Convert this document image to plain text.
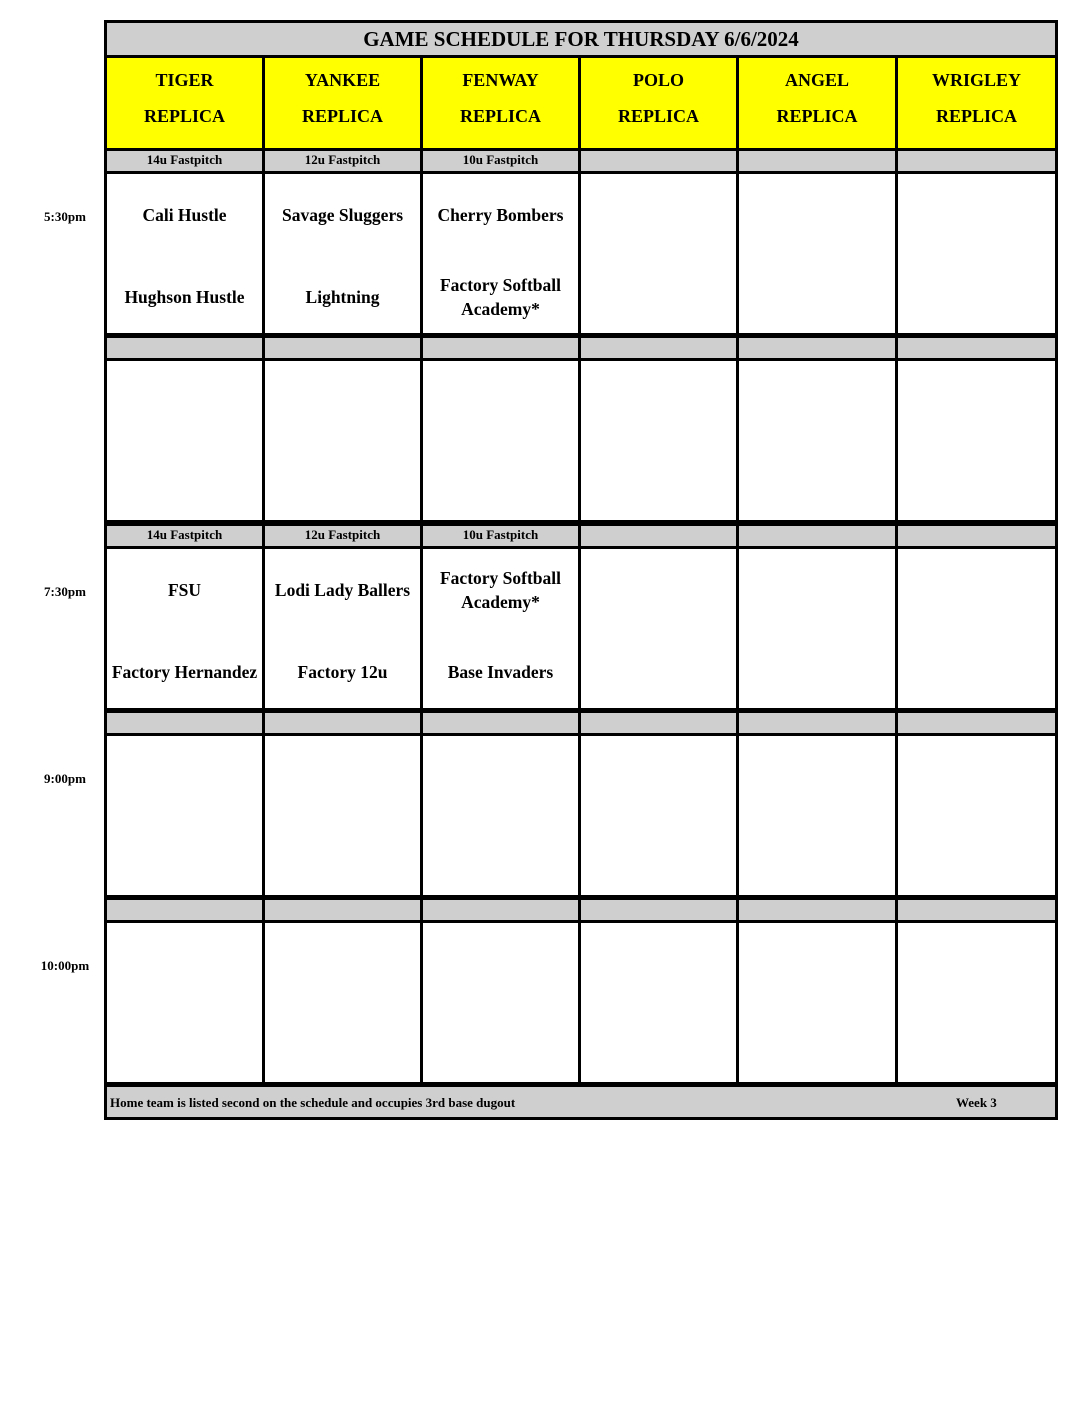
GAME SCHEDULE FOR THURSDAY 6/6/2024
TIGER
REPLICA
YANKEE
REPLICA
FENWAY
REPLICA
POLO
REPLICA
ANGEL
REPLICA
WRIGLEY
REPLICA
14u Fastpitch
Cali Hustle
Hughson Hustle
12u Fastpitch
Savage Sluggers
Lightning
10u Fastpitch
Cherry Bombers
Factory Softball Academy*
14u Fastpitch
FSU
Factory Hernandez
12u Fastpitch
Lodi Lady Ballers
Factory 12u
10u Fastpitch
Factory Softball Academy*
Base Invaders
Home team is listed second on the schedule and occupies 3rd base dugout	Week 3
5:30pm
7:30pm
9:00pm
10:00pm
